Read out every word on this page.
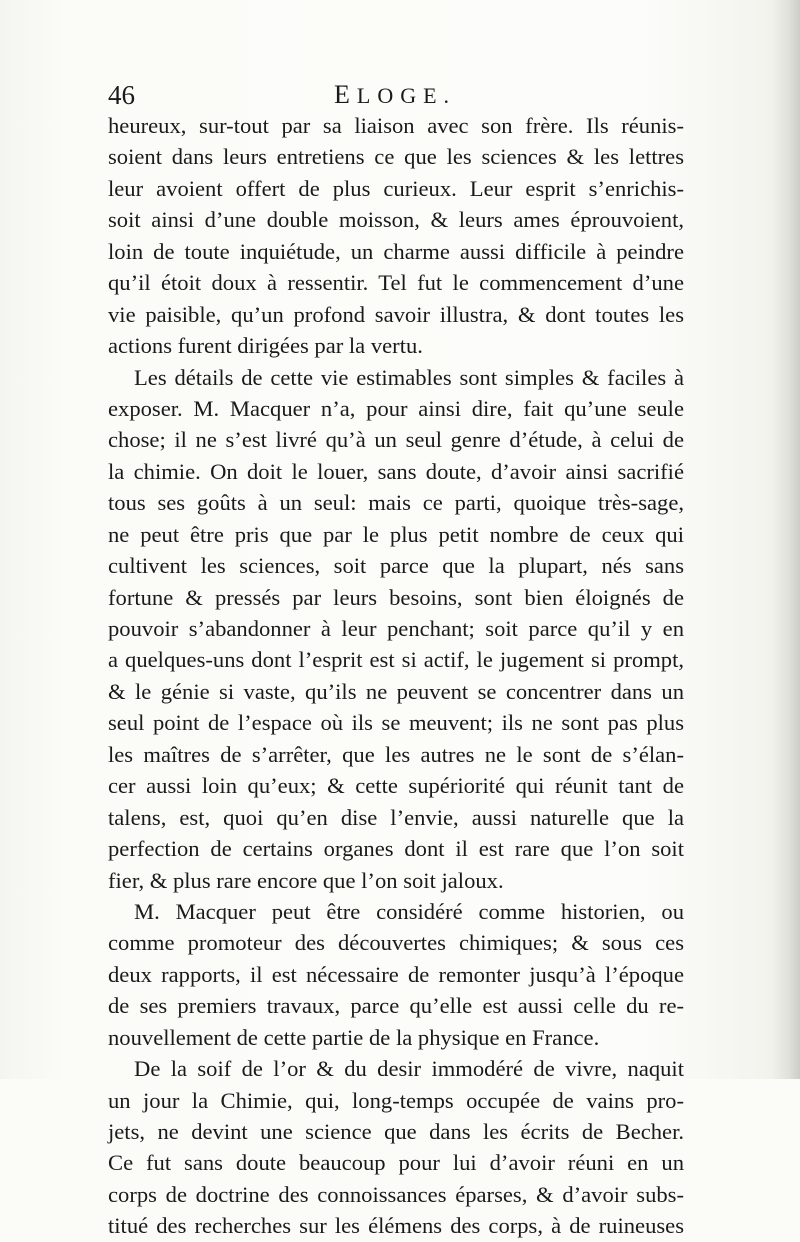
46	ELOGE.
heureux, sur-tout par sa liaison avec son frère. Ils réunis-
soient dans leurs entretiens ce que les sciences & les lettres
leur avoient offert de plus curieux. Leur esprit s’enrichis-
soit ainsi d’une double moisson, & leurs ames éprouvoient,
loin de toute inquiétude, un charme aussi difficile à peindre
qu’il étoit doux à ressentir. Tel fut le commencement d’une
vie paisible, qu’un profond savoir illustra, & dont toutes les
actions furent dirigées par la vertu.
Les détails de cette vie estimables sont simples & faciles à
exposer. M. Macquer n’a, pour ainsi dire, fait qu’une seule
chose; il ne s’est livré qu’à un seul genre d’étude, à celui de
la chimie. On doit le louer, sans doute, d’avoir ainsi sacrifié
tous ses goûts à un seul: mais ce parti, quoique très-sage,
ne peut être pris que par le plus petit nombre de ceux qui
cultivent les sciences, soit parce que la plupart, nés sans
fortune & pressés par leurs besoins, sont bien éloignés de
pouvoir s’abandonner à leur penchant; soit parce qu’il y en
a quelques-uns dont l’esprit est si actif, le jugement si prompt,
& le génie si vaste, qu’ils ne peuvent se concentrer dans un
seul point de l’espace où ils se meuvent; ils ne sont pas plus
les maîtres de s’arrêter, que les autres ne le sont de s’élan-
cer aussi loin qu’eux; & cette supériorité qui réunit tant de
talens, est, quoi qu’en dise l’envie, aussi naturelle que la
perfection de certains organes dont il est rare que l’on soit
fier, & plus rare encore que l’on soit jaloux.
M. Macquer peut être considéré comme historien, ou
comme promoteur des découvertes chimiques; & sous ces
deux rapports, il est nécessaire de remonter jusqu’à l’époque
de ses premiers travaux, parce qu’elle est aussi celle du re-
nouvellement de cette partie de la physique en France.
De la soif de l’or & du desir immodéré de vivre, naquit
un jour la Chimie, qui, long-temps occupée de vains pro-
jets, ne devint une science que dans les écrits de Becher.
Ce fut sans doute beaucoup pour lui d’avoir réuni en un
corps de doctrine des connoissances éparses, & d’avoir subs-
titué des recherches sur les élémens des corps, à de ruineuses
